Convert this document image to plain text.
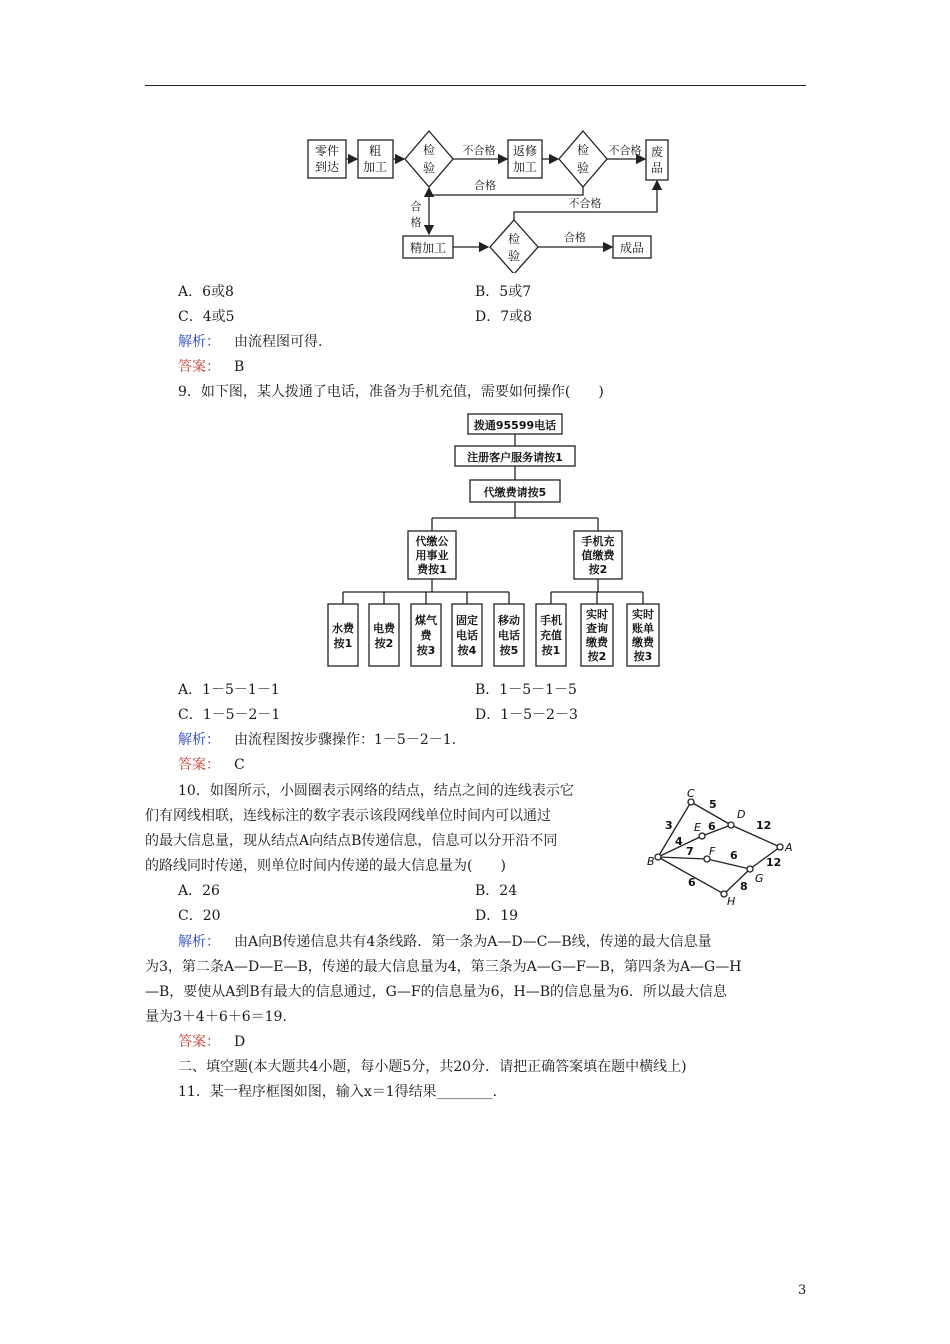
零件
到达
粗
加工
检
验
不合格 返修
加工
检
验
不合格 废
品
合格
合
格
精加工
检
验
合格
成品
不合格
A．6或8	B．5或7
C．4或5	D．7或8
解析： 由流程图可得.
答案： B
9．如下图，某人拨通了电话，准备为手机充值，需要如何操作(　　)
拨通95599电话
注册客户服务请按1
代缴费请按5
代缴公
用事业
费按1
手机充
值缴费
按2
水费
按1
电费
按2
煤气
费
按3
固定
电话
按4
移动
电话
按5
手机
充值
按1
实时
查询
缴费
按2
实时
账单
缴费
按3
A．1－5－1－1	B．1－5－1－5
C．1－5－2－1	D．1－5－2－3
解析： 由流程图按步骤操作：1－5－2－1.
答案： C
10．如图所示，小圆圈表示网络的结点，结点之间的连线表示它
们有网线相联，连线标注的数字表示该段网线单位时间内可以通过
的最大信息量，现从结点A向结点B传递信息，信息可以分开沿不同
的路线同时传递，则单位时间内传递的最大信息量为(　　)
A
B
C
D
E
F
G
H
3
5
12
6
4
7	6
12
8
6
A．26	B．24
C．20	D．19
解析： 由A向B传递信息共有4条线路．第一条为A—D—C—B线，传递的最大信息量
为3，第二条A—D—E—B，传递的最大信息量为4，第三条为A—G—F—B，第四条为A—G—H
—B，要使从A到B有最大的信息通过，G—F的信息量为6，H—B的信息量为6．所以最大信息
量为3＋4＋6＋6＝19.
答案： D
二、填空题(本大题共4小题，每小题5分，共20分．请把正确答案填在题中横线上)
11．某一程序框图如图，输入x＝1得结果________.
3
